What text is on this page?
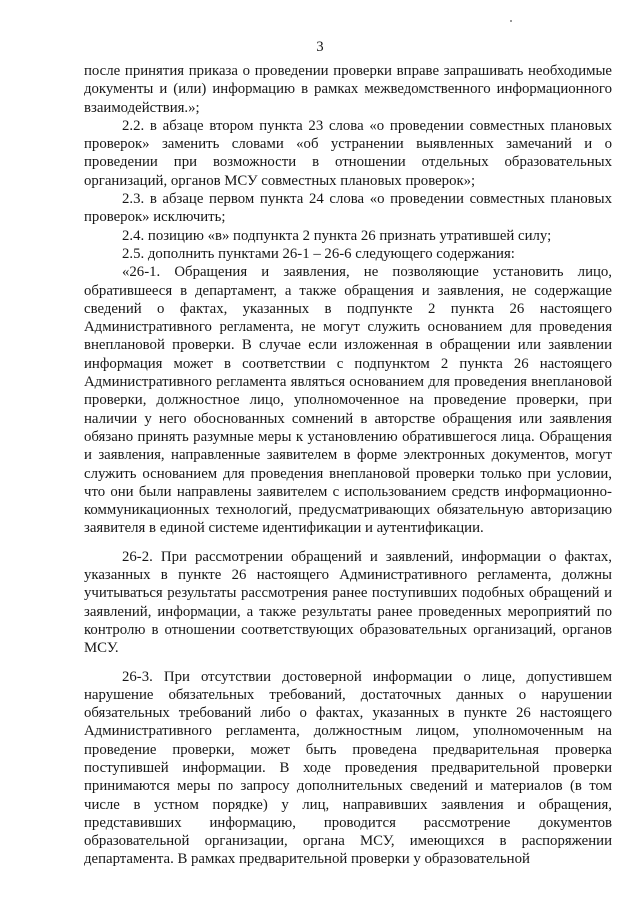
3

после принятия приказа о проведении проверки вправе запрашивать необходимые документы и (или) информацию в рамках межведомственного информационного взаимодействия.»;

2.2. в абзаце втором пункта 23 слова «о проведении совместных плановых проверок» заменить словами «об устранении выявленных замечаний и о проведении при возможности в отношении отдельных образовательных организаций, органов МСУ совместных плановых проверок»;

2.3. в абзаце первом пункта 24 слова «о проведении совместных плановых проверок» исключить;

2.4. позицию «в» подпункта 2 пункта 26 признать утратившей силу;

2.5. дополнить пунктами 26-1 – 26-6 следующего содержания:

«26-1. Обращения и заявления, не позволяющие установить лицо, обратившееся в департамент, а также обращения и заявления, не содержащие сведений о фактах, указанных в подпункте 2 пункта 26 настоящего Административного регламента, не могут служить основанием для проведения внеплановой проверки. В случае если изложенная в обращении или заявлении информация может в соответствии с подпунктом 2 пункта 26 настоящего Административного регламента являться основанием для проведения внеплановой проверки, должностное лицо, уполномоченное на проведение проверки, при наличии у него обоснованных сомнений в авторстве обращения или заявления обязано принять разумные меры к установлению обратившегося лица. Обращения и заявления, направленные заявителем в форме электронных документов, могут служить основанием для проведения внеплановой проверки только при условии, что они были направлены заявителем с использованием средств информационно-коммуникационных технологий, предусматривающих обязательную авторизацию заявителя в единой системе идентификации и аутентификации.

26-2. При рассмотрении обращений и заявлений, информации о фактах, указанных в пункте 26 настоящего Административного регламента, должны учитываться результаты рассмотрения ранее поступивших подобных обращений и заявлений, информации, а также результаты ранее проведенных мероприятий по контролю в отношении соответствующих образовательных организаций, органов МСУ.

26-3. При отсутствии достоверной информации о лице, допустившем нарушение обязательных требований, достаточных данных о нарушении обязательных требований либо о фактах, указанных в пункте 26 настоящего Административного регламента, должностным лицом, уполномоченным на проведение проверки, может быть проведена предварительная проверка поступившей информации. В ходе проведения предварительной проверки принимаются меры по запросу дополнительных сведений и материалов (в том числе в устном порядке) у лиц, направивших заявления и обращения, представивших информацию, проводится рассмотрение документов образовательной организации, органа МСУ, имеющихся в распоряжении департамента. В рамках предварительной проверки у образовательной
